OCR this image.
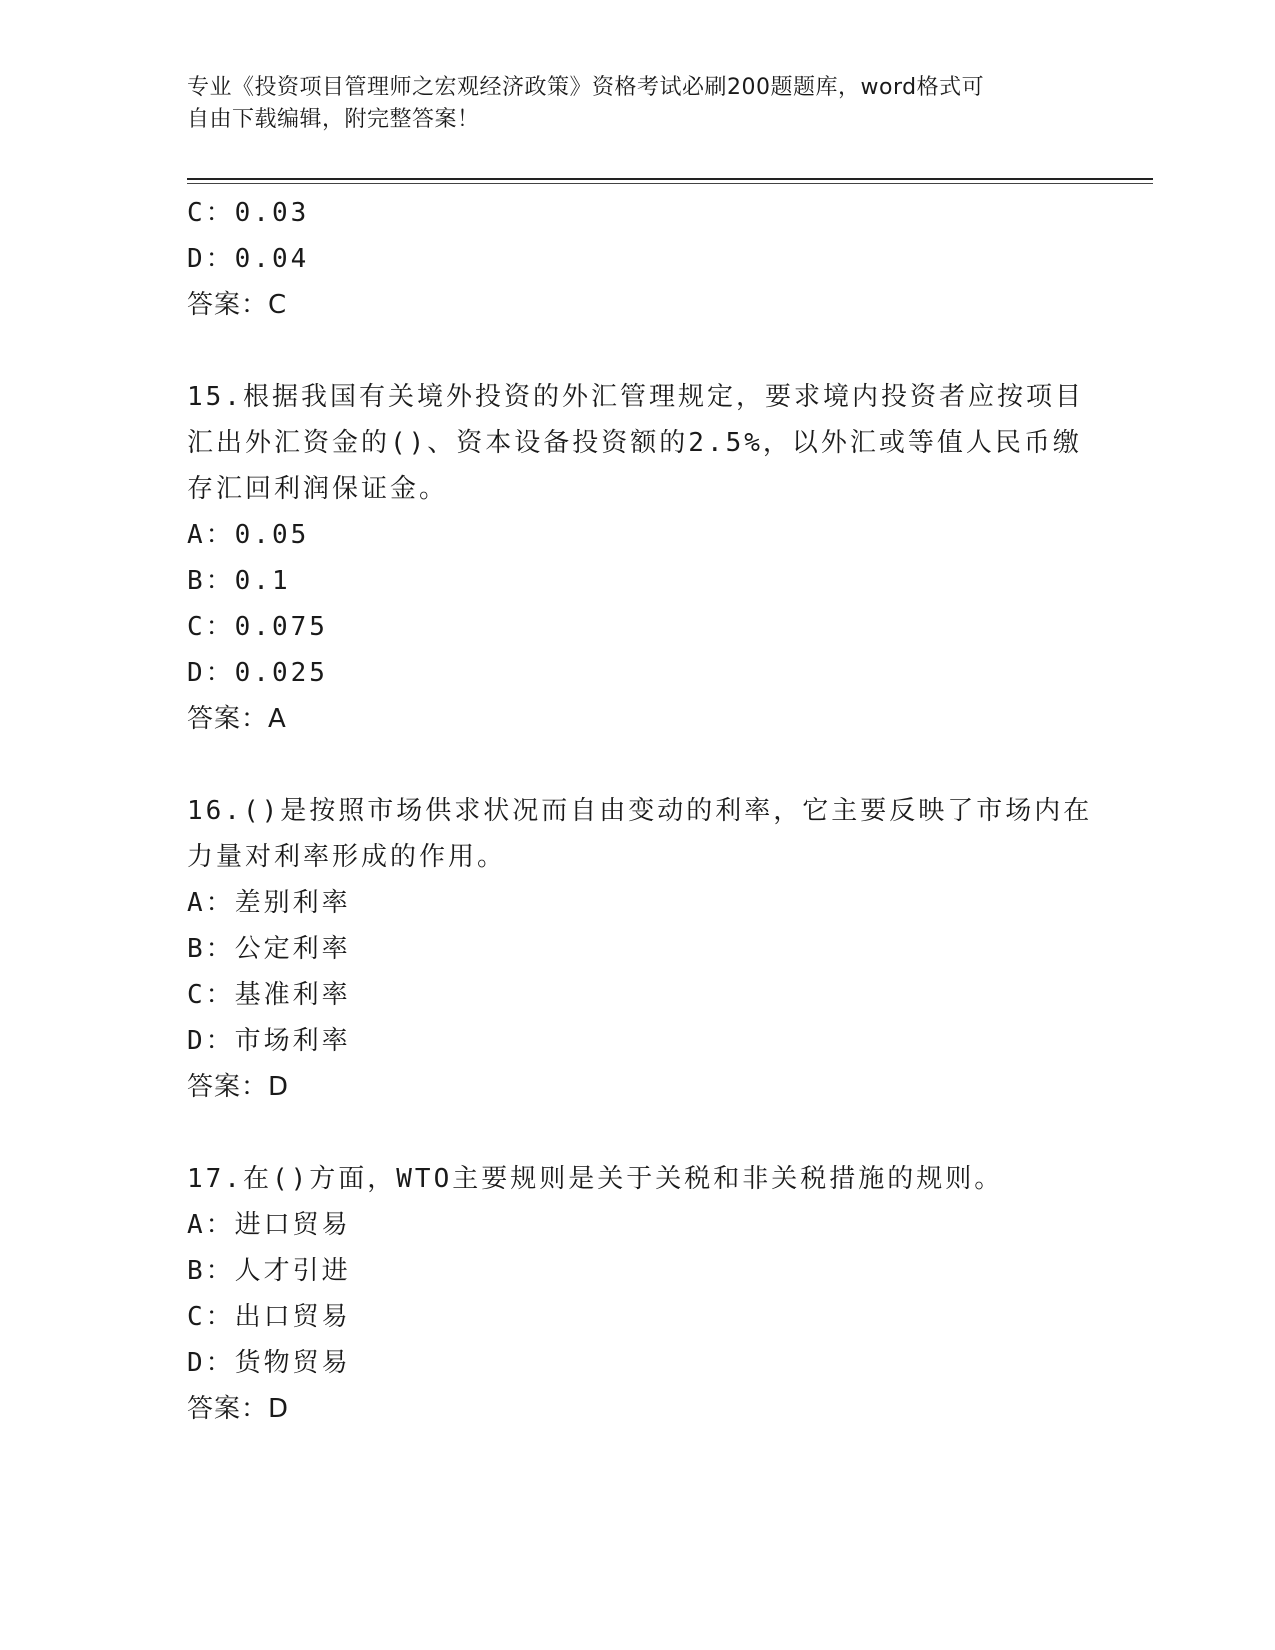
专业《投资项目管理师之宏观经济政策》资格考试必刷200题题库，word格式可
自由下载编辑，附完整答案！
C：0.03
D：0.04
答案：C
15.根据我国有关境外投资的外汇管理规定，要求境内投资者应按项目
汇出外汇资金的()、资本设备投资额的2.5%，以外汇或等值人民币缴
存汇回利润保证金。
A：0.05
B：0.1
C：0.075
D：0.025
答案：A
16.()是按照市场供求状况而自由变动的利率，它主要反映了市场内在
力量对利率形成的作用。
A：差别利率
B：公定利率
C：基准利率
D：市场利率
答案：D
17.在()方面，WTO主要规则是关于关税和非关税措施的规则。
A：进口贸易
B：人才引进
C：出口贸易
D：货物贸易
答案：D
